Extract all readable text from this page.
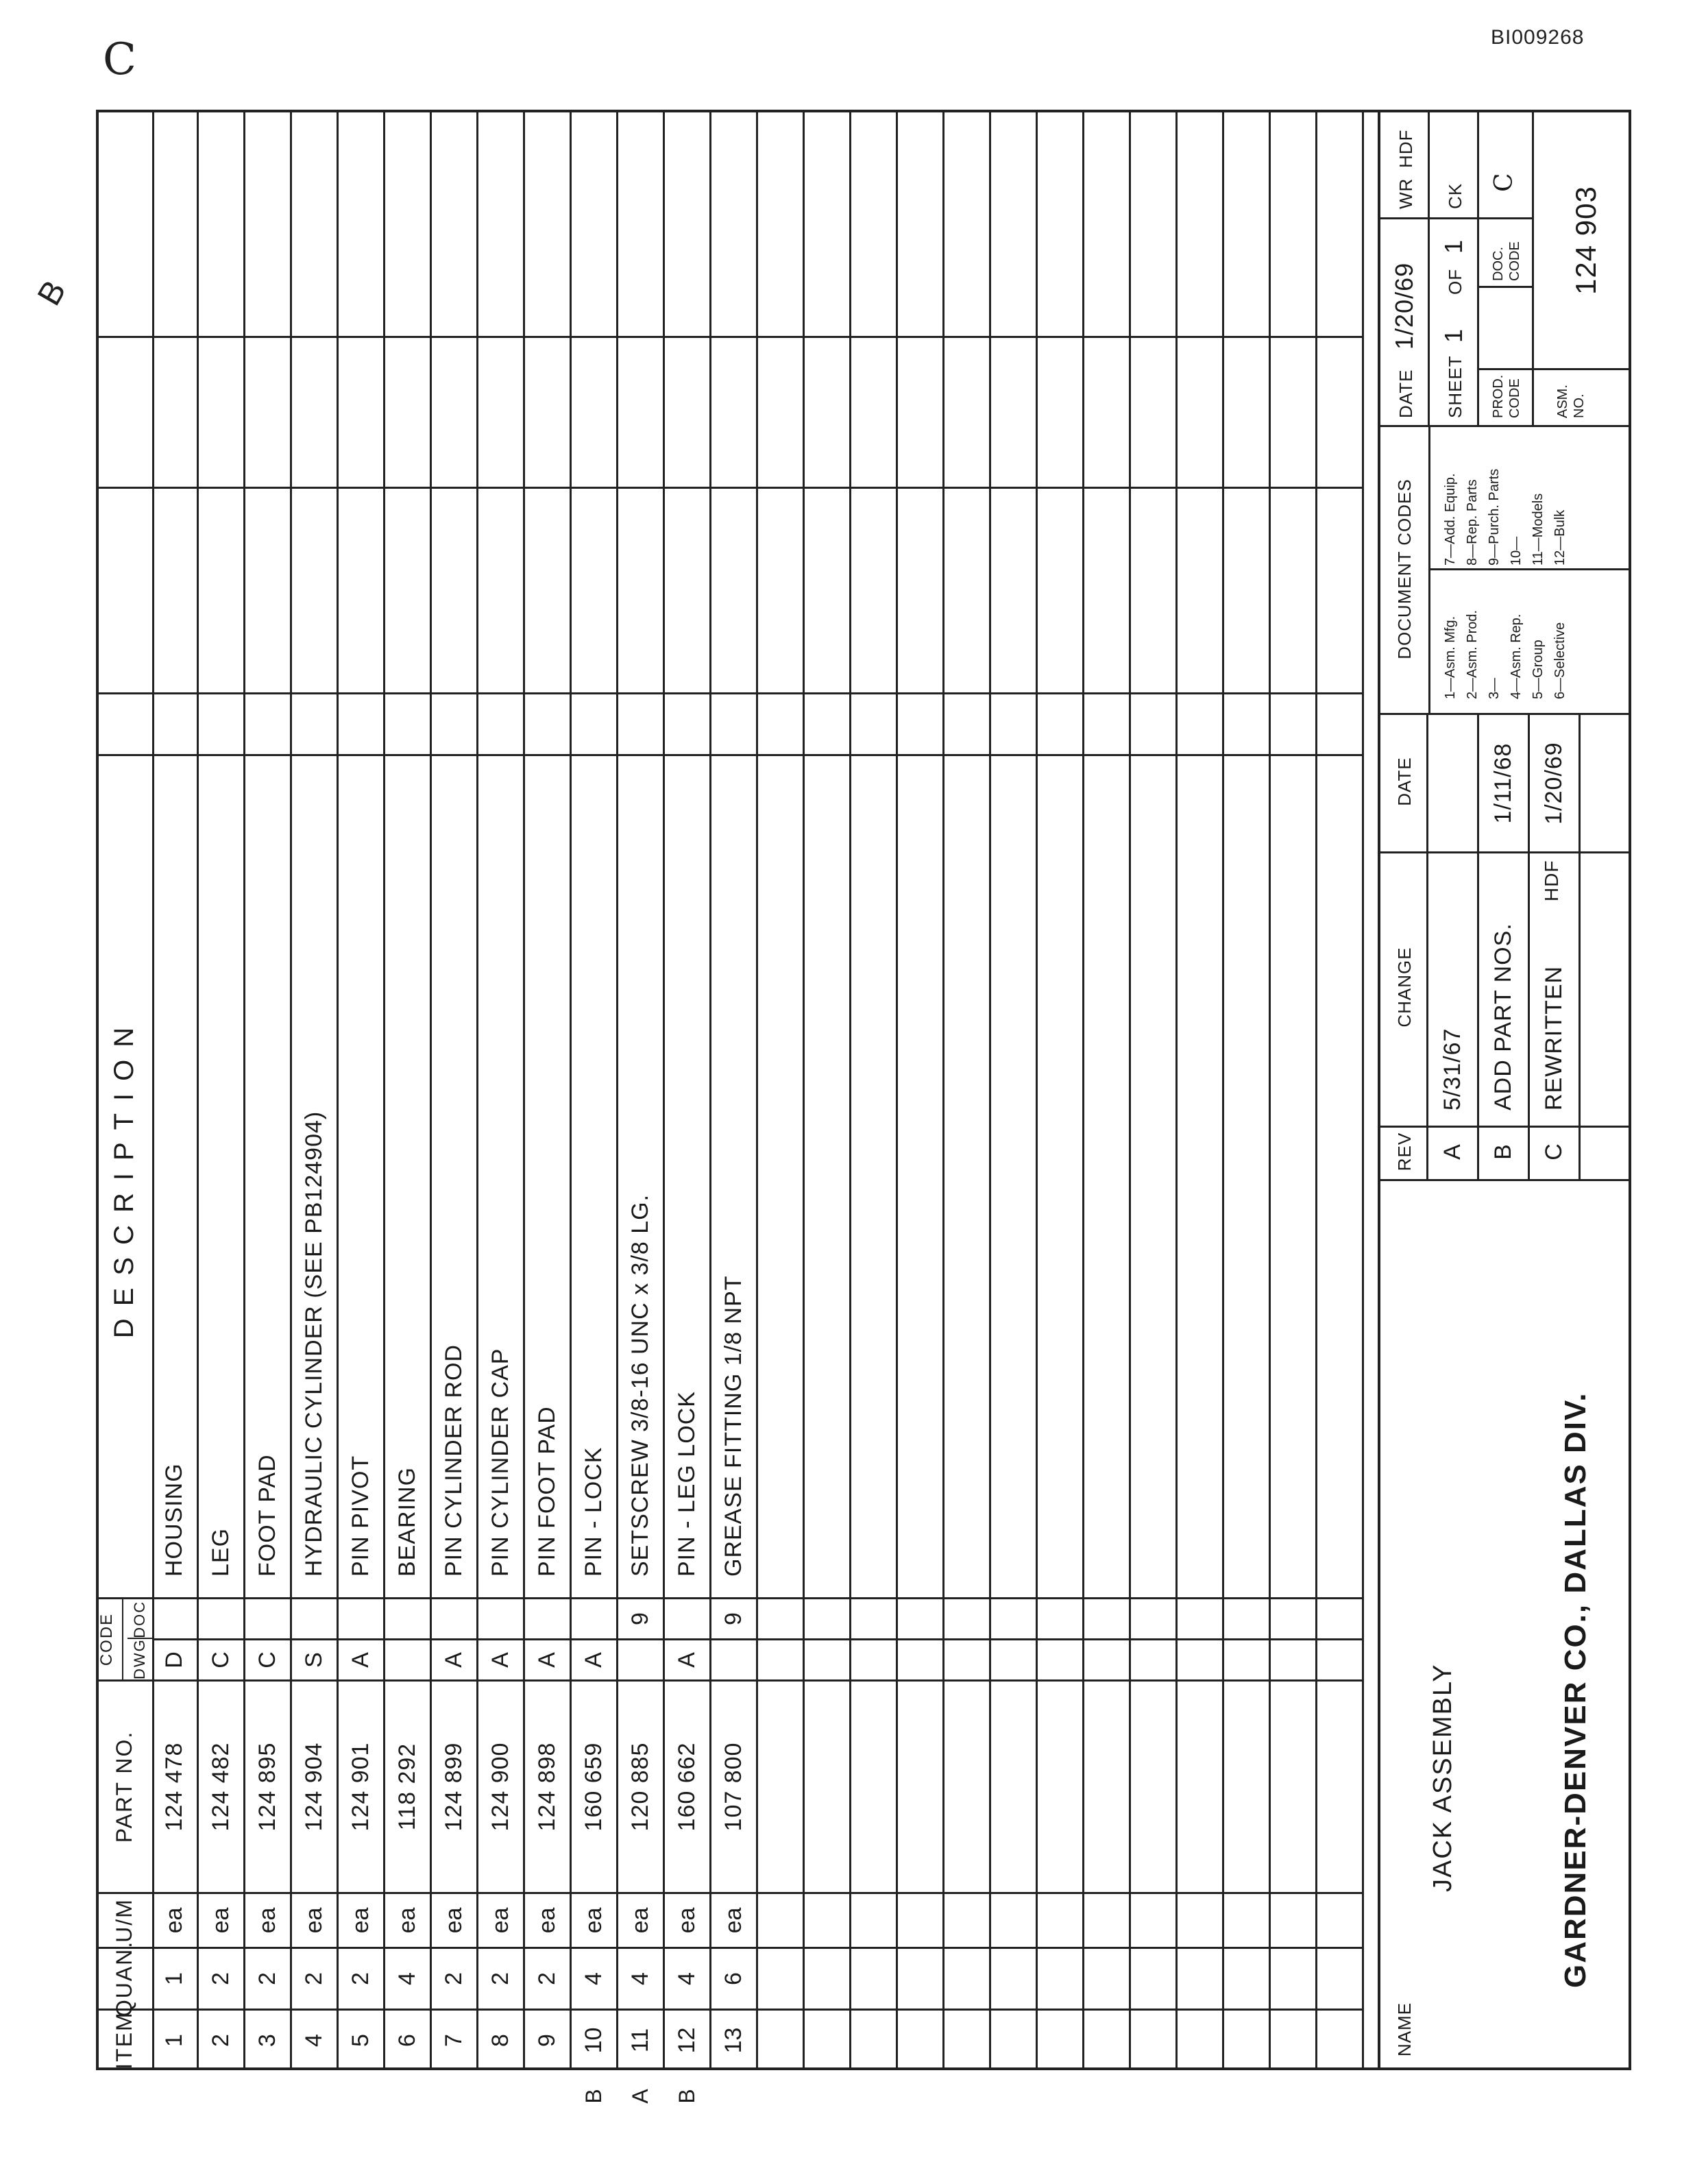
BI009268
C
B
ITEM
QUAN.
U/M
PART NO.
CODE	DWG
DOC
DESCRIPTION
1
1
ea
124 478
D
HOUSING
2
2
ea
124 482
C
LEG
3
2
ea
124 895
C
FOOT PAD
4
2
ea
124 904
S
HYDRAULIC CYLINDER (SEE PB124904)
5
2
ea
124 901
A
PIN PIVOT
6
4
ea
118 292
BEARING
7
2
ea
124 899
A
PIN CYLINDER ROD
8
2
ea
124 900
A
PIN CYLINDER CAP
9
2
ea
124 898
A
PIN FOOT PAD
10
4
ea
160 659
A
PIN - LOCK
B
11
4
ea
120 885
9
SETSCREW 3/8-16 UNC x 3/8 LG.
A
12
4
ea
160 662
A
PIN - LEG LOCK
B
13
6
ea
107 800
9
GREASE FITTING 1/8 NPT
NAME
JACK ASSEMBLY	GARDNER-DENVER CO., DALLAS DIV.
REV
CHANGE
DATE
A
5/31/67
B
ADD PART NOS.
1/11/68
C
REWRITTEN
HDF
1/20/69
DOCUMENT CODES 1—Asm. Mfg. 2—Asm. Prod. 3— 4—Asm. Rep. 5—Group 6—Selective
7—Add. Equip. 8—Rep. Parts 9—Purch. Parts 10— 11—Models 12—Bulk
DATE
1/20/69
WR
HDF
SHEET
1
OF
1
CK
PROD. CODE
DOC. CODE
C
ASM. NO.
124 903
